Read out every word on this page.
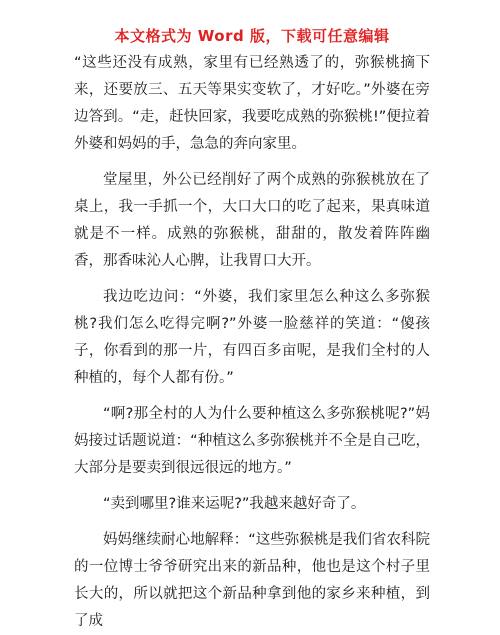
本文格式为 Word 版，下载可任意编辑

“这些还没有成熟，家里有已经熟透了的，弥猴桃摘下来，还要放三、五天等果实变软了，才好吃。”外婆在旁边答到。“走，赶快回家，我要吃成熟的弥猴桃!”便拉着外婆和妈妈的手，急急的奔向家里。

堂屋里，外公已经削好了两个成熟的弥猴桃放在了桌上，我一手抓一个，大口大口的吃了起来，果真味道就是不一样。成熟的弥猴桃，甜甜的，散发着阵阵幽香，那香味沁人心脾，让我胃口大开。

我边吃边问：“外婆，我们家里怎么种这么多弥猴桃?我们怎么吃得完啊?”外婆一脸慈祥的笑道：“傻孩子，你看到的那一片，有四百多亩呢，是我们全村的人种植的，每个人都有份。”

“啊?那全村的人为什么要种植这么多弥猴桃呢?”妈妈接过话题说道：“种植这么多弥猴桃并不全是自己吃，大部分是要卖到很远很远的地方。”

“卖到哪里?谁来运呢?”我越来越好奇了。

妈妈继续耐心地解释：“这些弥猴桃是我们省农科院的一位博士爷爷研究出来的新品种，他也是这个村子里长大的，所以就把这个新品种拿到他的家乡来种植，到了成
